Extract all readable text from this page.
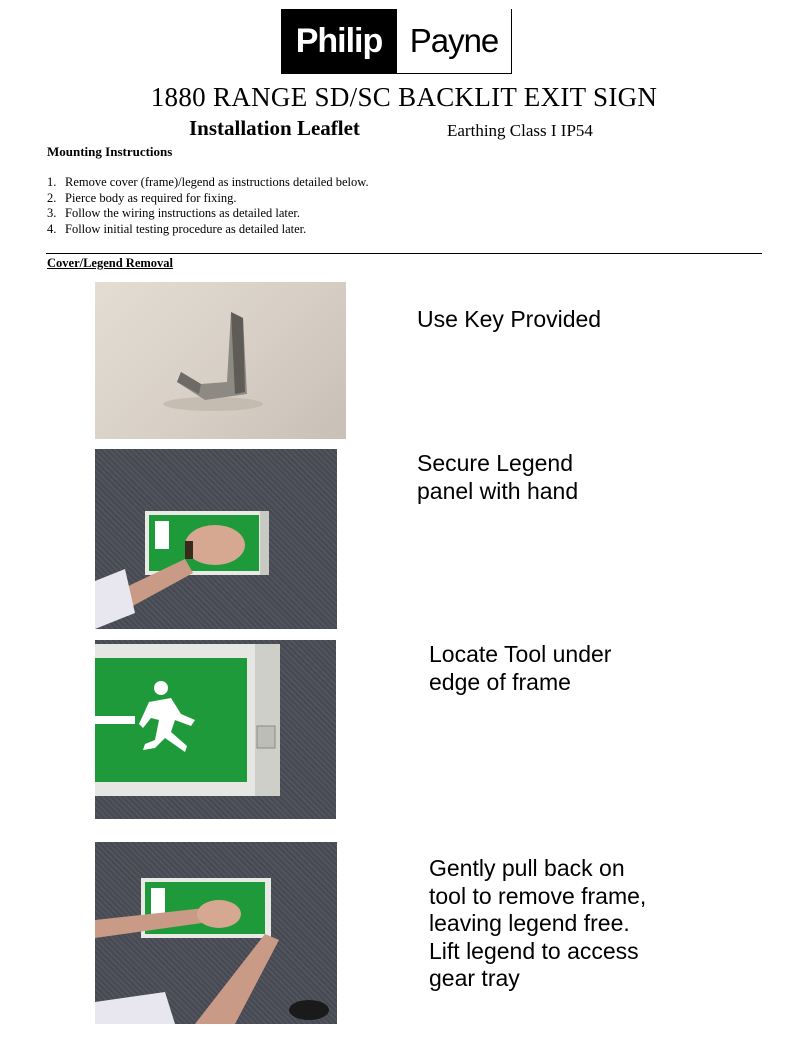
Philip Payne
1880 RANGE SD/SC BACKLIT EXIT SIGN
Installation Leaflet	Earthing Class I IP54
Mounting Instructions
1. Remove cover (frame)/legend as instructions detailed below.
2. Pierce body as required for fixing.
3. Follow the wiring instructions as detailed later.
4. Follow initial testing procedure as detailed later.
Cover/Legend Removal
Use Key Provided
Secure Legend
panel with hand
Locate Tool under
edge of frame
Gently pull back on
tool to remove frame,
leaving legend free.
Lift legend to access
gear tray
